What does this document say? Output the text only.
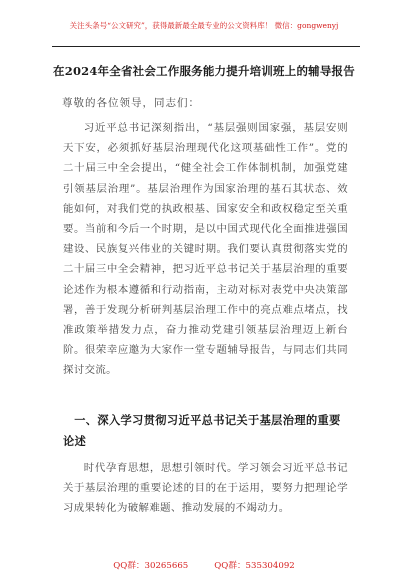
关注头条号“公文研究”，获得最新最全最专业的公文资料库！ 微信：gongwenyj
在2024年全省社会工作服务能力提升培训班上的辅导报告
尊敬的各位领导，同志们：

习近平总书记深刻指出，“基层强则国家强，基层安则天下安，必须抓好基层治理现代化这项基础性工作”。党的二十届三中全会提出，“健全社会工作体制机制，加强党建引领基层治理”。基层治理作为国家治理的基石其状态、效能如何，对我们党的执政根基、国家安全和政权稳定至关重要。当前和今后一个时期，是以中国式现代化全面推进强国建设、民族复兴伟业的关键时期。我们要认真贯彻落实党的二十届三中全会精神，把习近平总书记关于基层治理的重要论述作为根本遵循和行动指南，主动对标对表党中央决策部署，善于发现分析研判基层治理工作中的亮点难点堵点，找准政策举措发力点，奋力推动党建引领基层治理迈上新台阶。很荣幸应邀为大家作一堂专题辅导报告，与同志们共同探讨交流。

一、深入学习贯彻习近平总书记关于基层治理的重要论述

时代孕育思想，思想引领时代。学习领会习近平总书记关于基层治理的重要论述的目的在于运用，要努力把理论学习成果转化为破解难题、推动发展的不竭动力。

QQ群：30265665	QQ群：535304092
